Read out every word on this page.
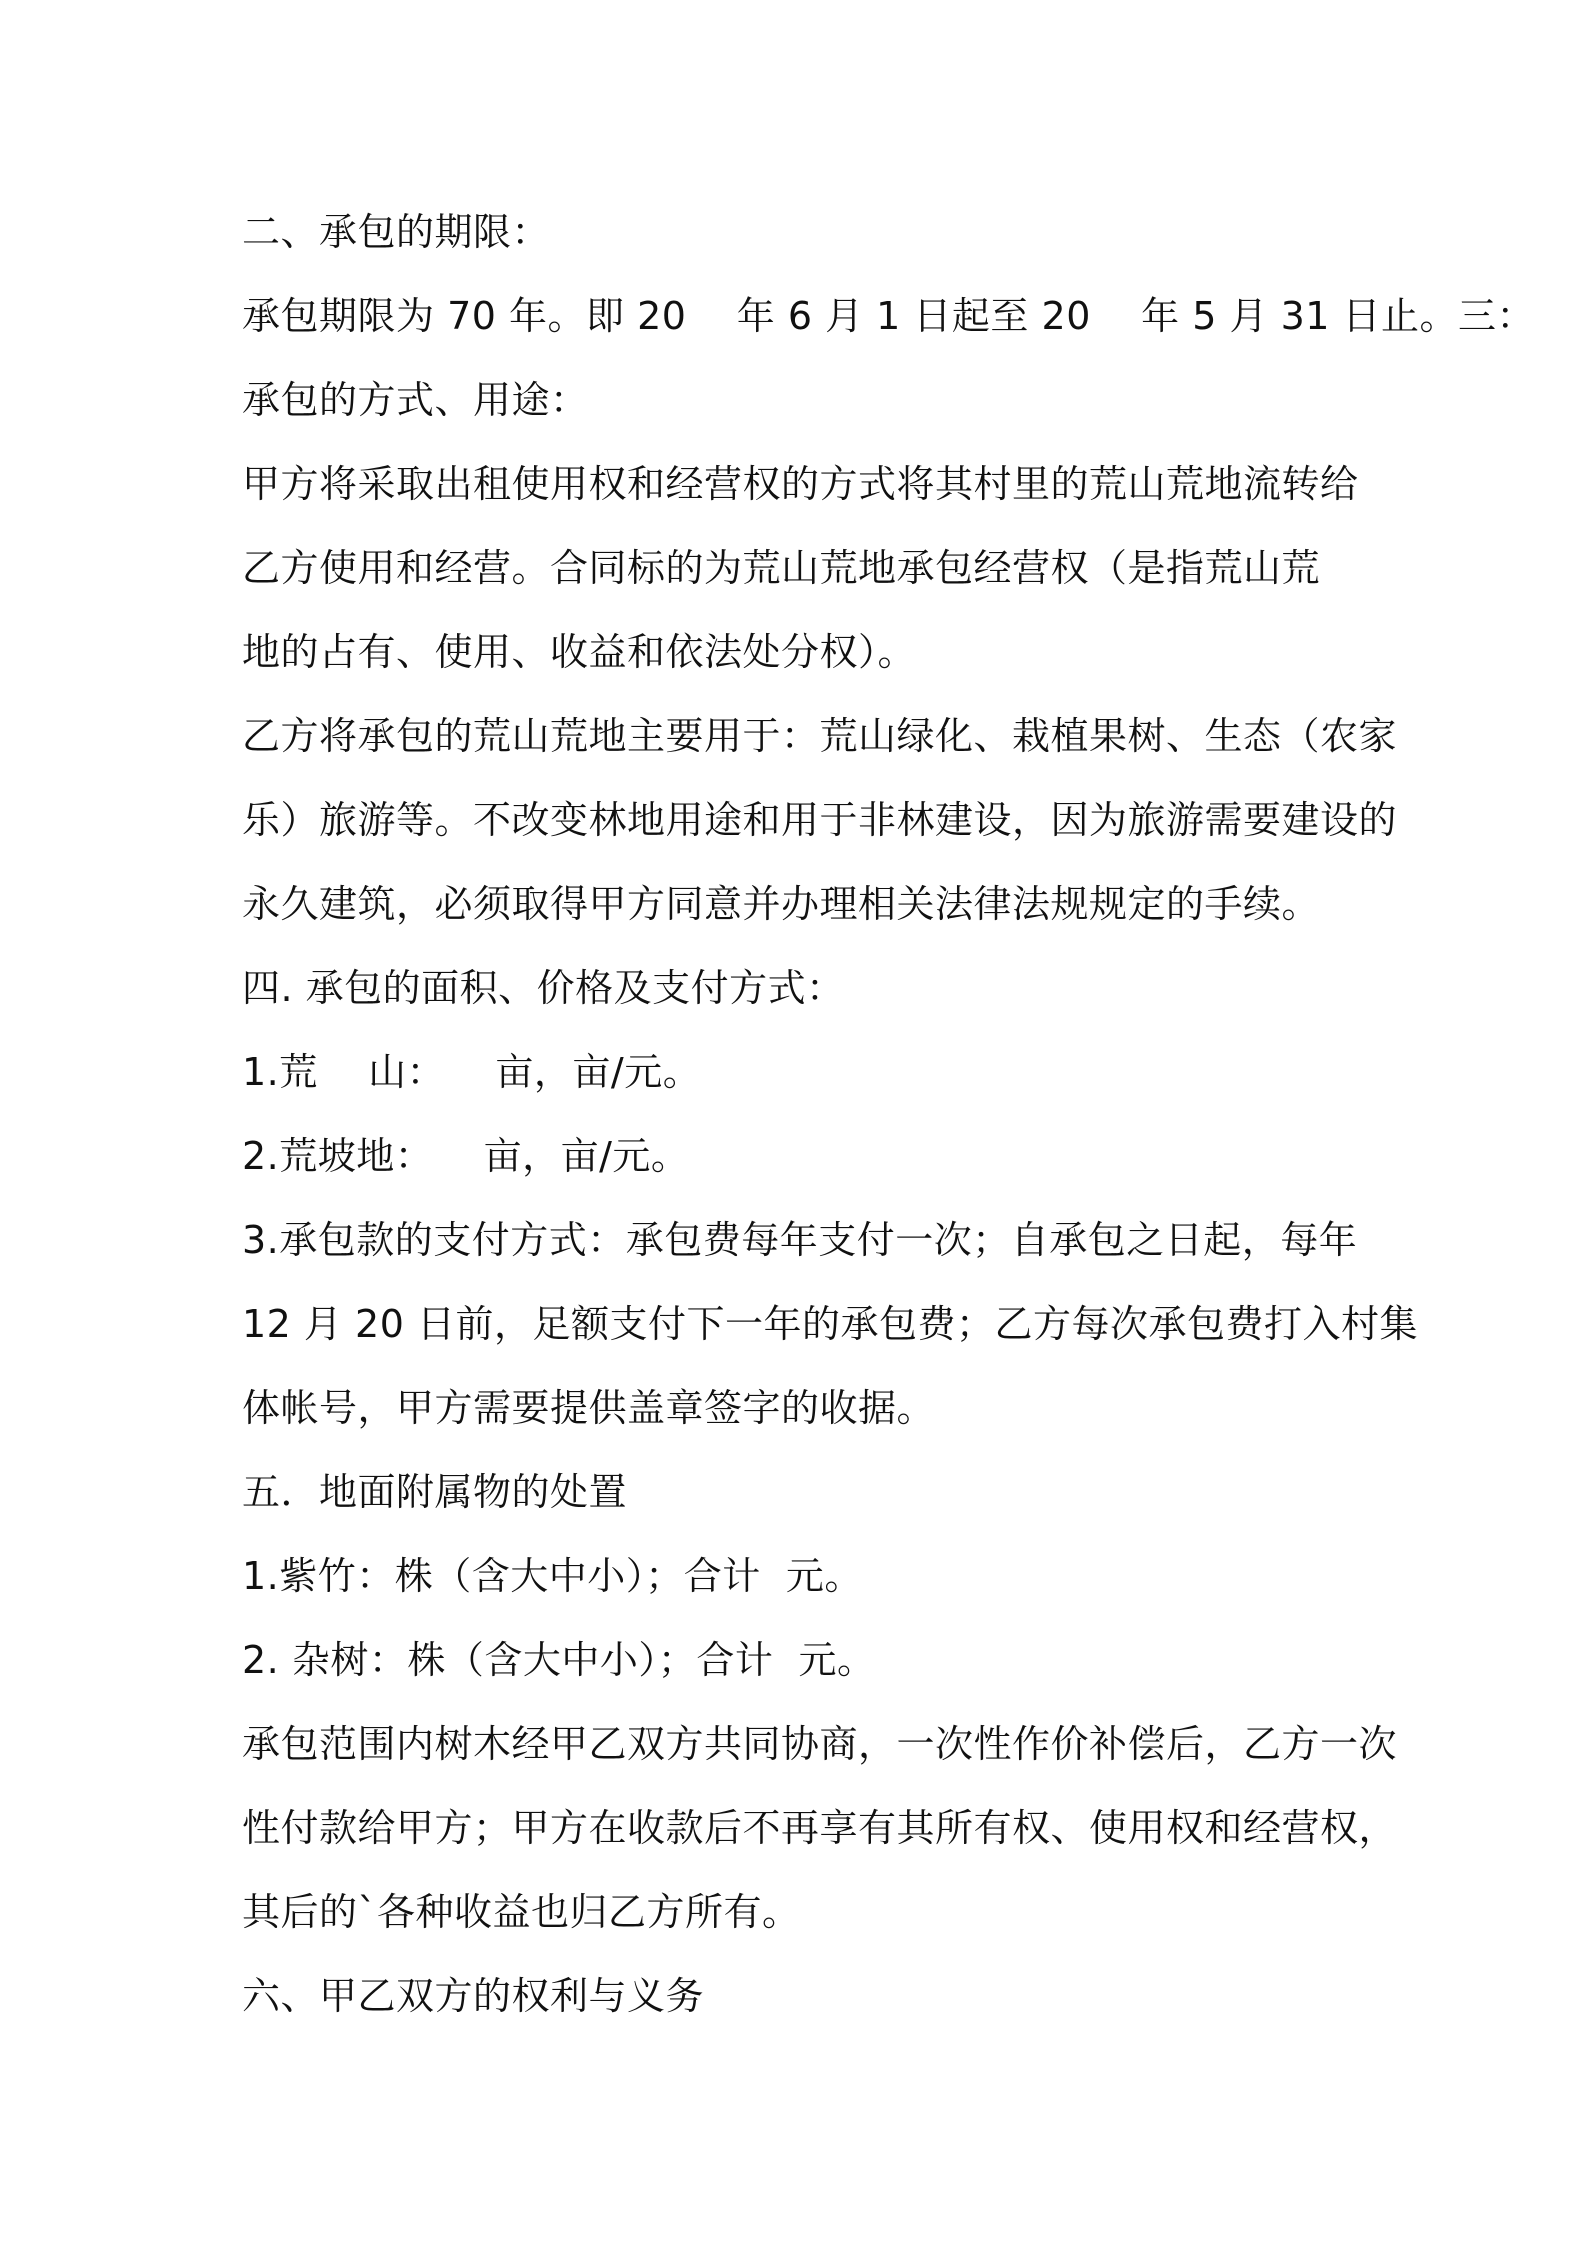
二、承包的期限：
承包期限为 70 年。即 20    年 6 月 1 日起至 20    年 5 月 31 日止。三：
承包的方式、用途：
甲方将采取出租使用权和经营权的方式将其村里的荒山荒地流转给
乙方使用和经营。合同标的为荒山荒地承包经营权（是指荒山荒
地的占有、使用、收益和依法处分权）。
乙方将承包的荒山荒地主要用于：荒山绿化、栽植果树、生态（农家
乐）旅游等。不改变林地用途和用于非林建设，因为旅游需要建设的
永久建筑，必须取得甲方同意并办理相关法律法规规定的手续。
四. 承包的面积、价格及支付方式：
1.荒    山：    亩，亩/元。
2.荒坡地：    亩，亩/元。
3.承包款的支付方式：承包费每年支付一次；自承包之日起，每年
12 月 20 日前，足额支付下一年的承包费；乙方每次承包费打入村集
体帐号，甲方需要提供盖章签字的收据。
五．地面附属物的处置
1.紫竹：株（含大中小）；合计  元。
2. 杂树：株（含大中小）；合计  元。
承包范围内树木经甲乙双方共同协商，一次性作价补偿后，乙方一次
性付款给甲方；甲方在收款后不再享有其所有权、使用权和经营权，
其后的`各种收益也归乙方所有。
六、甲乙双方的权利与义务
